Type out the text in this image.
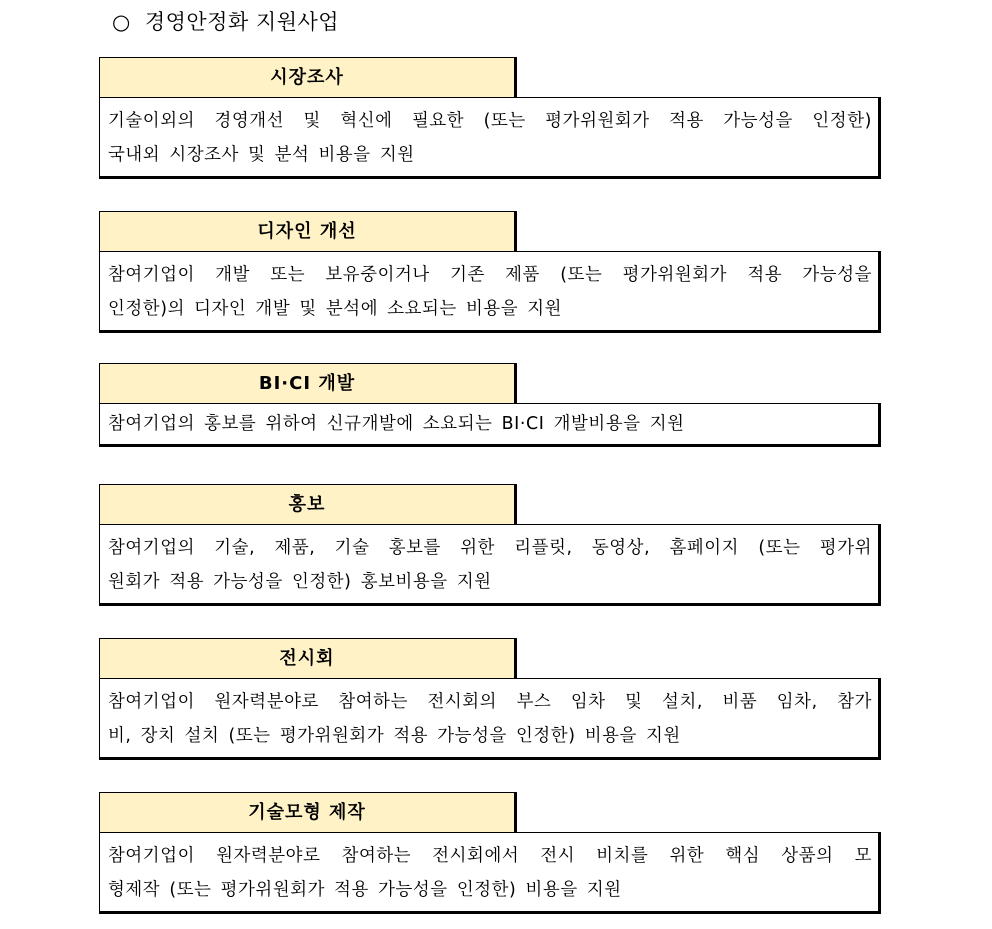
○ 경영안정화 지원사업
시장조사
기술이외의 경영개선 및 혁신에 필요한 (또는 평가위원회가 적용 가능성을 인정한)
국내외 시장조사 및 분석 비용을 지원
디자인 개선
참여기업이 개발 또는 보유중이거나 기존 제품 (또는 평가위원회가 적용 가능성을
인정한)의 디자인 개발 및 분석에 소요되는 비용을 지원
BI·CI 개발
참여기업의 홍보를 위하여 신규개발에 소요되는 BI·CI 개발비용을 지원
홍보
참여기업의 기술, 제품, 기술 홍보를 위한 리플릿, 동영상, 홈페이지 (또는 평가위
원회가 적용 가능성을 인정한) 홍보비용을 지원
전시회
참여기업이 원자력분야로 참여하는 전시회의 부스 임차 및 설치, 비품 임차, 참가
비, 장치 설치 (또는 평가위원회가 적용 가능성을 인정한) 비용을 지원
기술모형 제작
참여기업이 원자력분야로 참여하는 전시회에서 전시 비치를 위한 핵심 상품의 모
형제작 (또는 평가위원회가 적용 가능성을 인정한) 비용을 지원
